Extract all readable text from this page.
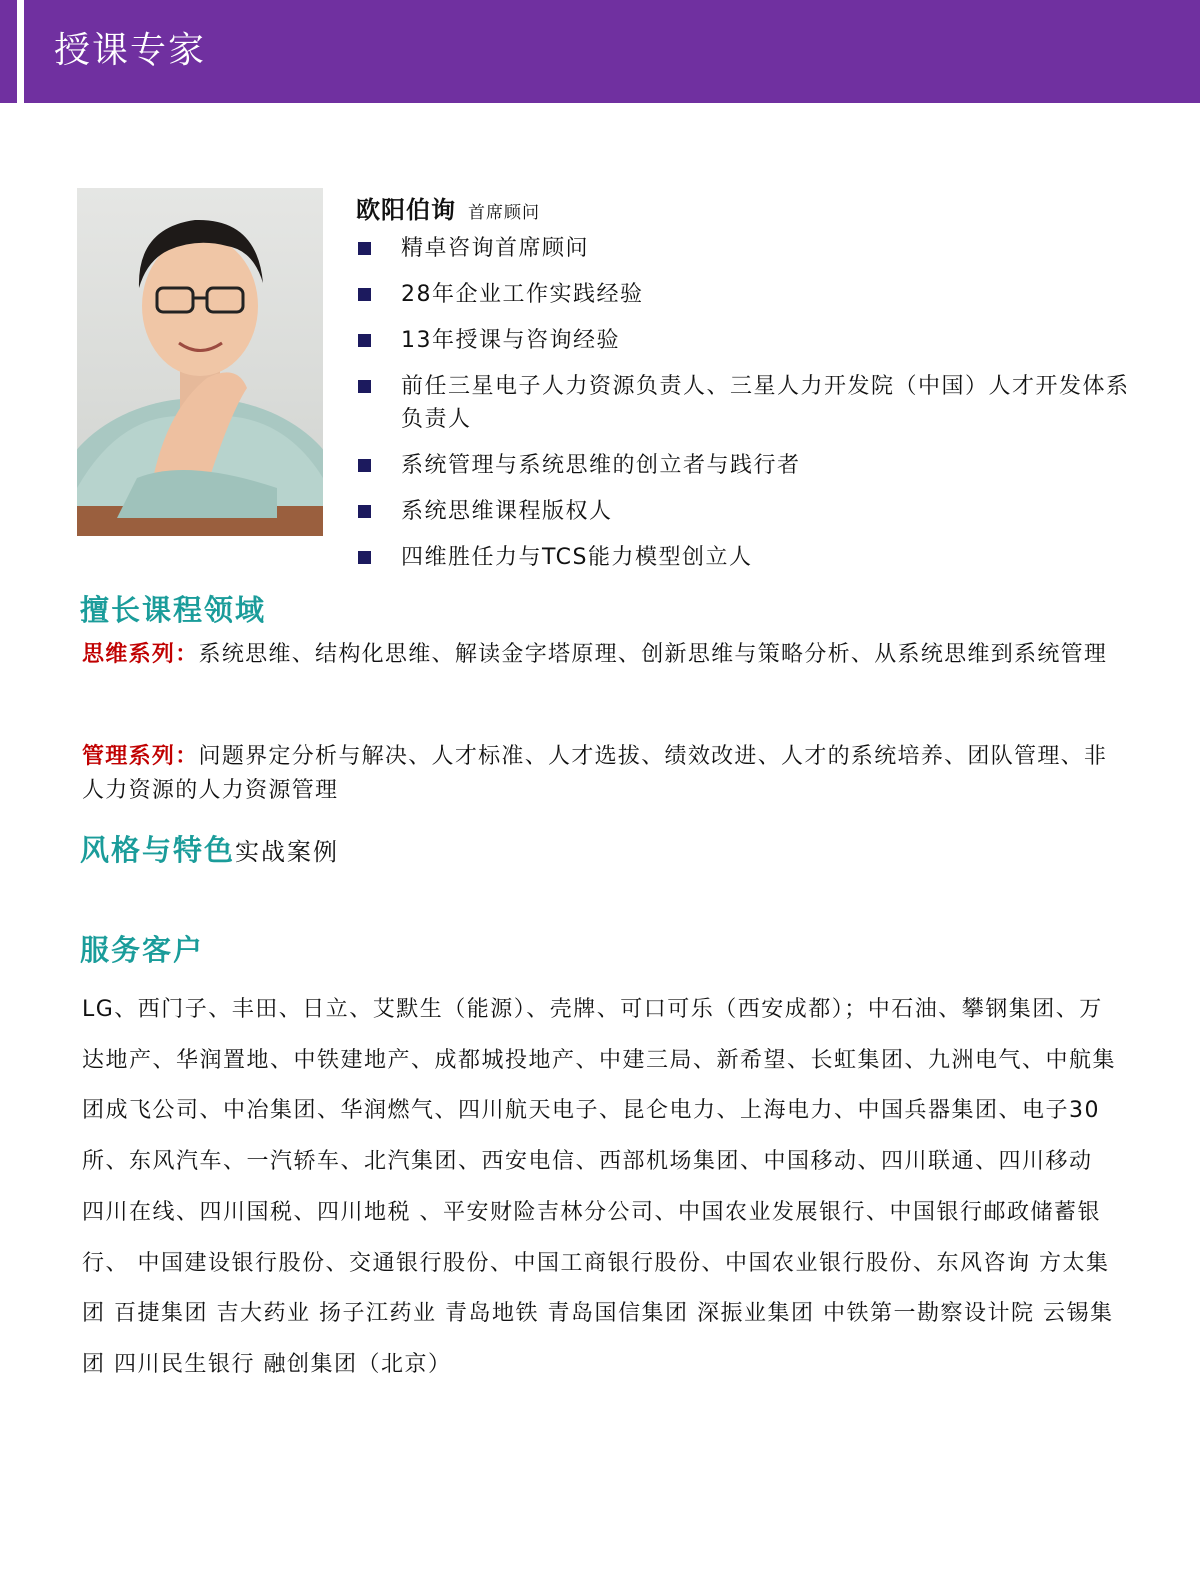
授课专家
欧阳伯询 首席顾问
精卓咨询首席顾问
28年企业工作实践经验
13年授课与咨询经验
前任三星电子人力资源负责人、三星人力开发院（中国）人才开发体系负责人
系统管理与系统思维的创立者与践行者
系统思维课程版权人
四维胜任力与TCS能力模型创立人
擅长课程领域
思维系列：系统思维、结构化思维、解读金字塔原理、创新思维与策略分析、从系统思维到系统管理
管理系列：问题界定分析与解决、人才标准、人才选拔、绩效改进、人才的系统培养、团队管理、非人力资源的人力资源管理
风格与特色实战案例
服务客户
LG、西门子、丰田、日立、艾默生（能源）、壳牌、可口可乐（西安成都）；中石油、攀钢集团、万达地产、华润置地、中铁建地产、成都城投地产、中建三局、新希望、长虹集团、九洲电气、中航集团成飞公司、中冶集团、华润燃气、四川航天电子、昆仑电力、上海电力、中国兵器集团、电子30所、东风汽车、一汽轿车、北汽集团、西安电信、西部机场集团、中国移动、四川联通、四川移动 四川在线、四川国税、四川地税 、平安财险吉林分公司、中国农业发展银行、中国银行邮政储蓄银行、 中国建设银行股份、交通银行股份、中国工商银行股份、中国农业银行股份、东风咨询 方太集团 百捷集团 吉大药业 扬子江药业 青岛地铁 青岛国信集团 深振业集团 中铁第一勘察设计院 云锡集团 四川民生银行 融创集团（北京）
